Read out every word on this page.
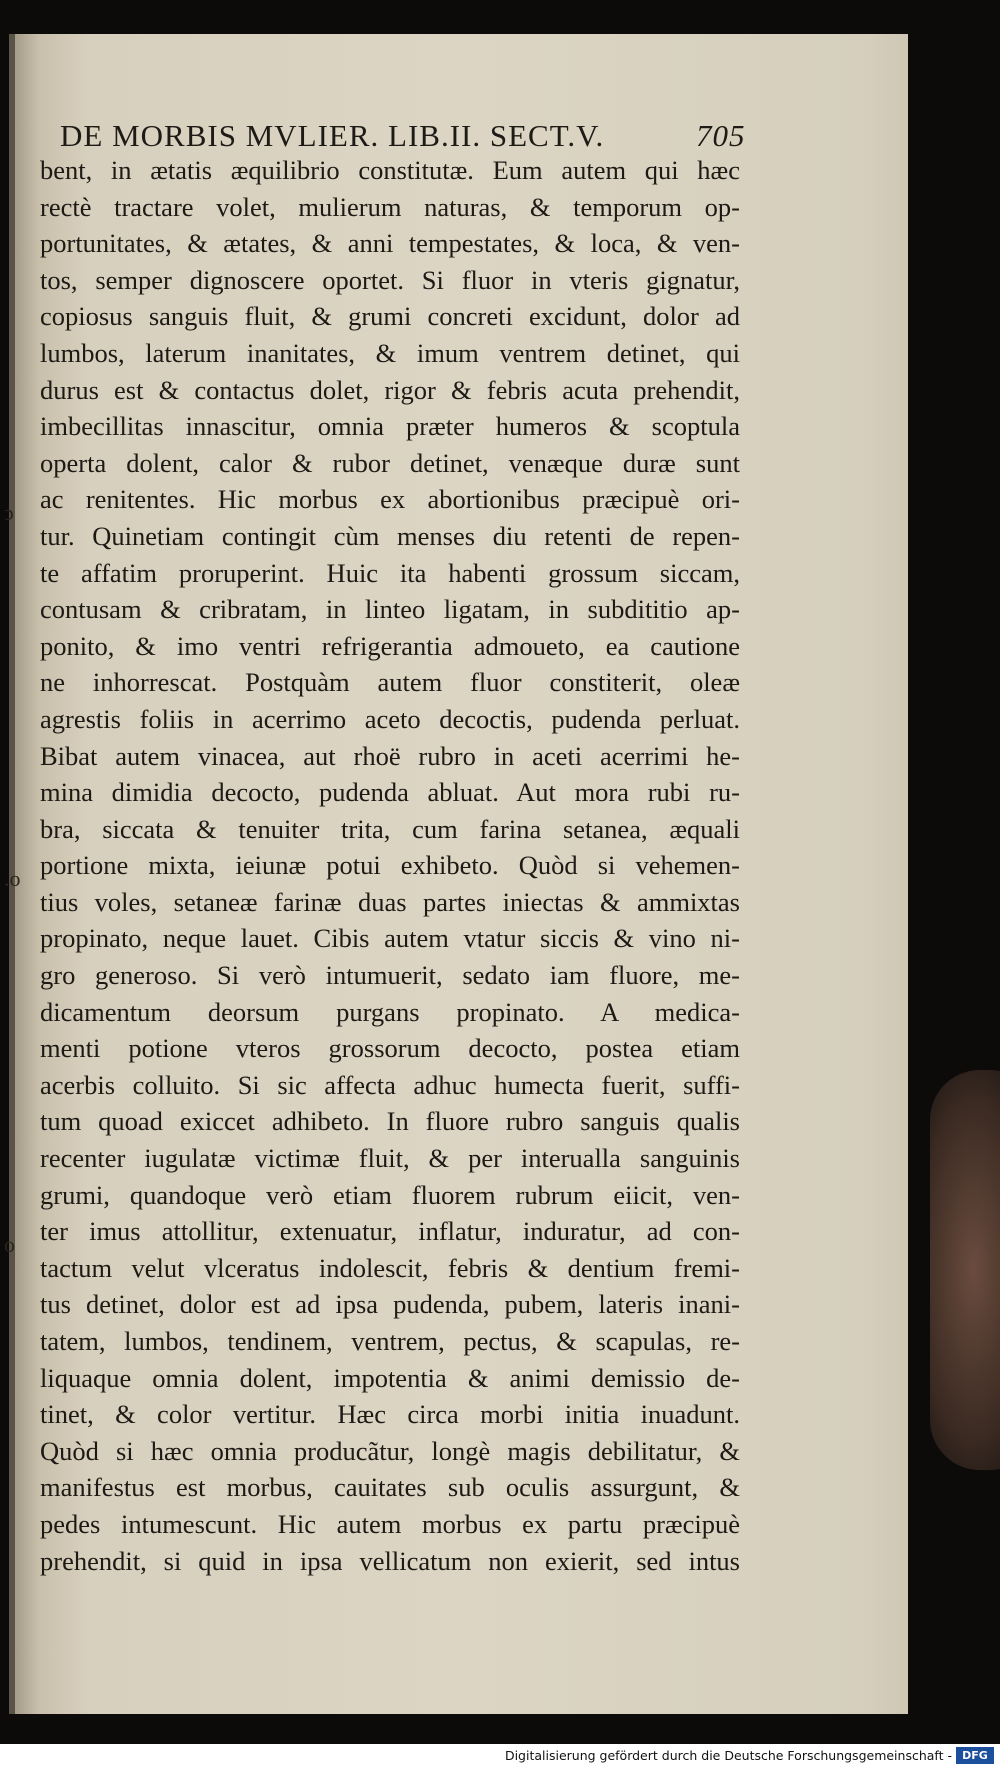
DE MORBIS MVLIER. LIB.II. SECT.V.	705
ↄ
.o
o
bent, in ætatis æquilibrio constitutæ. Eum autem qui hæc
rectè tractare volet, mulierum naturas, & temporum op-
portunitates, & ætates, & anni tempestates, & loca, & ven-
tos, semper dignoscere oportet. Si fluor in vteris gignatur,
copiosus sanguis fluit, & grumi concreti excidunt, dolor ad
lumbos, laterum inanitates, & imum ventrem detinet, qui
durus est & contactus dolet, rigor & febris acuta prehendit,
imbecillitas innascitur, omnia præter humeros & scoptula
operta dolent, calor & rubor detinet, venæque duræ sunt
ac renitentes. Hic morbus ex abortionibus præcipuè ori-
tur. Quinetiam contingit cùm menses diu retenti de repen-
te affatim proruperint. Huic ita habenti grossum siccam,
contusam & cribratam, in linteo ligatam, in subdititio ap-
ponito, & imo ventri refrigerantia admoueto, ea cautione
ne inhorrescat. Postquàm autem fluor constiterit, oleæ
agrestis foliis in acerrimo aceto decoctis, pudenda perluat.
Bibat autem vinacea, aut rhoë rubro in aceti acerrimi he-
mina dimidia decocto, pudenda abluat. Aut mora rubi ru-
bra, siccata & tenuiter trita, cum farina setanea, æquali
portione mixta, ieiunæ potui exhibeto. Quòd si vehemen-
tius voles, setaneæ farinæ duas partes iniectas & ammixtas
propinato, neque lauet. Cibis autem vtatur siccis & vino ni-
gro generoso. Si verò intumuerit, sedato iam fluore, me-
dicamentum deorsum purgans propinato. A medica-
menti potione vteros grossorum decocto, postea etiam
acerbis colluito. Si sic affecta adhuc humecta fuerit, suffi-
tum quoad exiccet adhibeto. In fluore rubro sanguis qualis
recenter iugulatæ victimæ fluit, & per interualla sanguinis
grumi, quandoque verò etiam fluorem rubrum eiicit, ven-
ter imus attollitur, extenuatur, inflatur, induratur, ad con-
tactum velut vlceratus indolescit, febris & dentium fremi-
tus detinet, dolor est ad ipsa pudenda, pubem, lateris inani-
tatem, lumbos, tendinem, ventrem, pectus, & scapulas, re-
liquaque omnia dolent, impotentia & animi demissio de-
tinet, & color vertitur. Hæc circa morbi initia inuadunt.
Quòd si hæc omnia producãtur, longè magis debilitatur, &
manifestus est morbus, cauitates sub oculis assurgunt, &
pedes intumescunt. Hic autem morbus ex partu præcipuè
prehendit, si quid in ipsa vellicatum non exierit, sed intus
Digitalisierung gefördert durch die Deutsche Forschungsgemeinschaft - DFG
